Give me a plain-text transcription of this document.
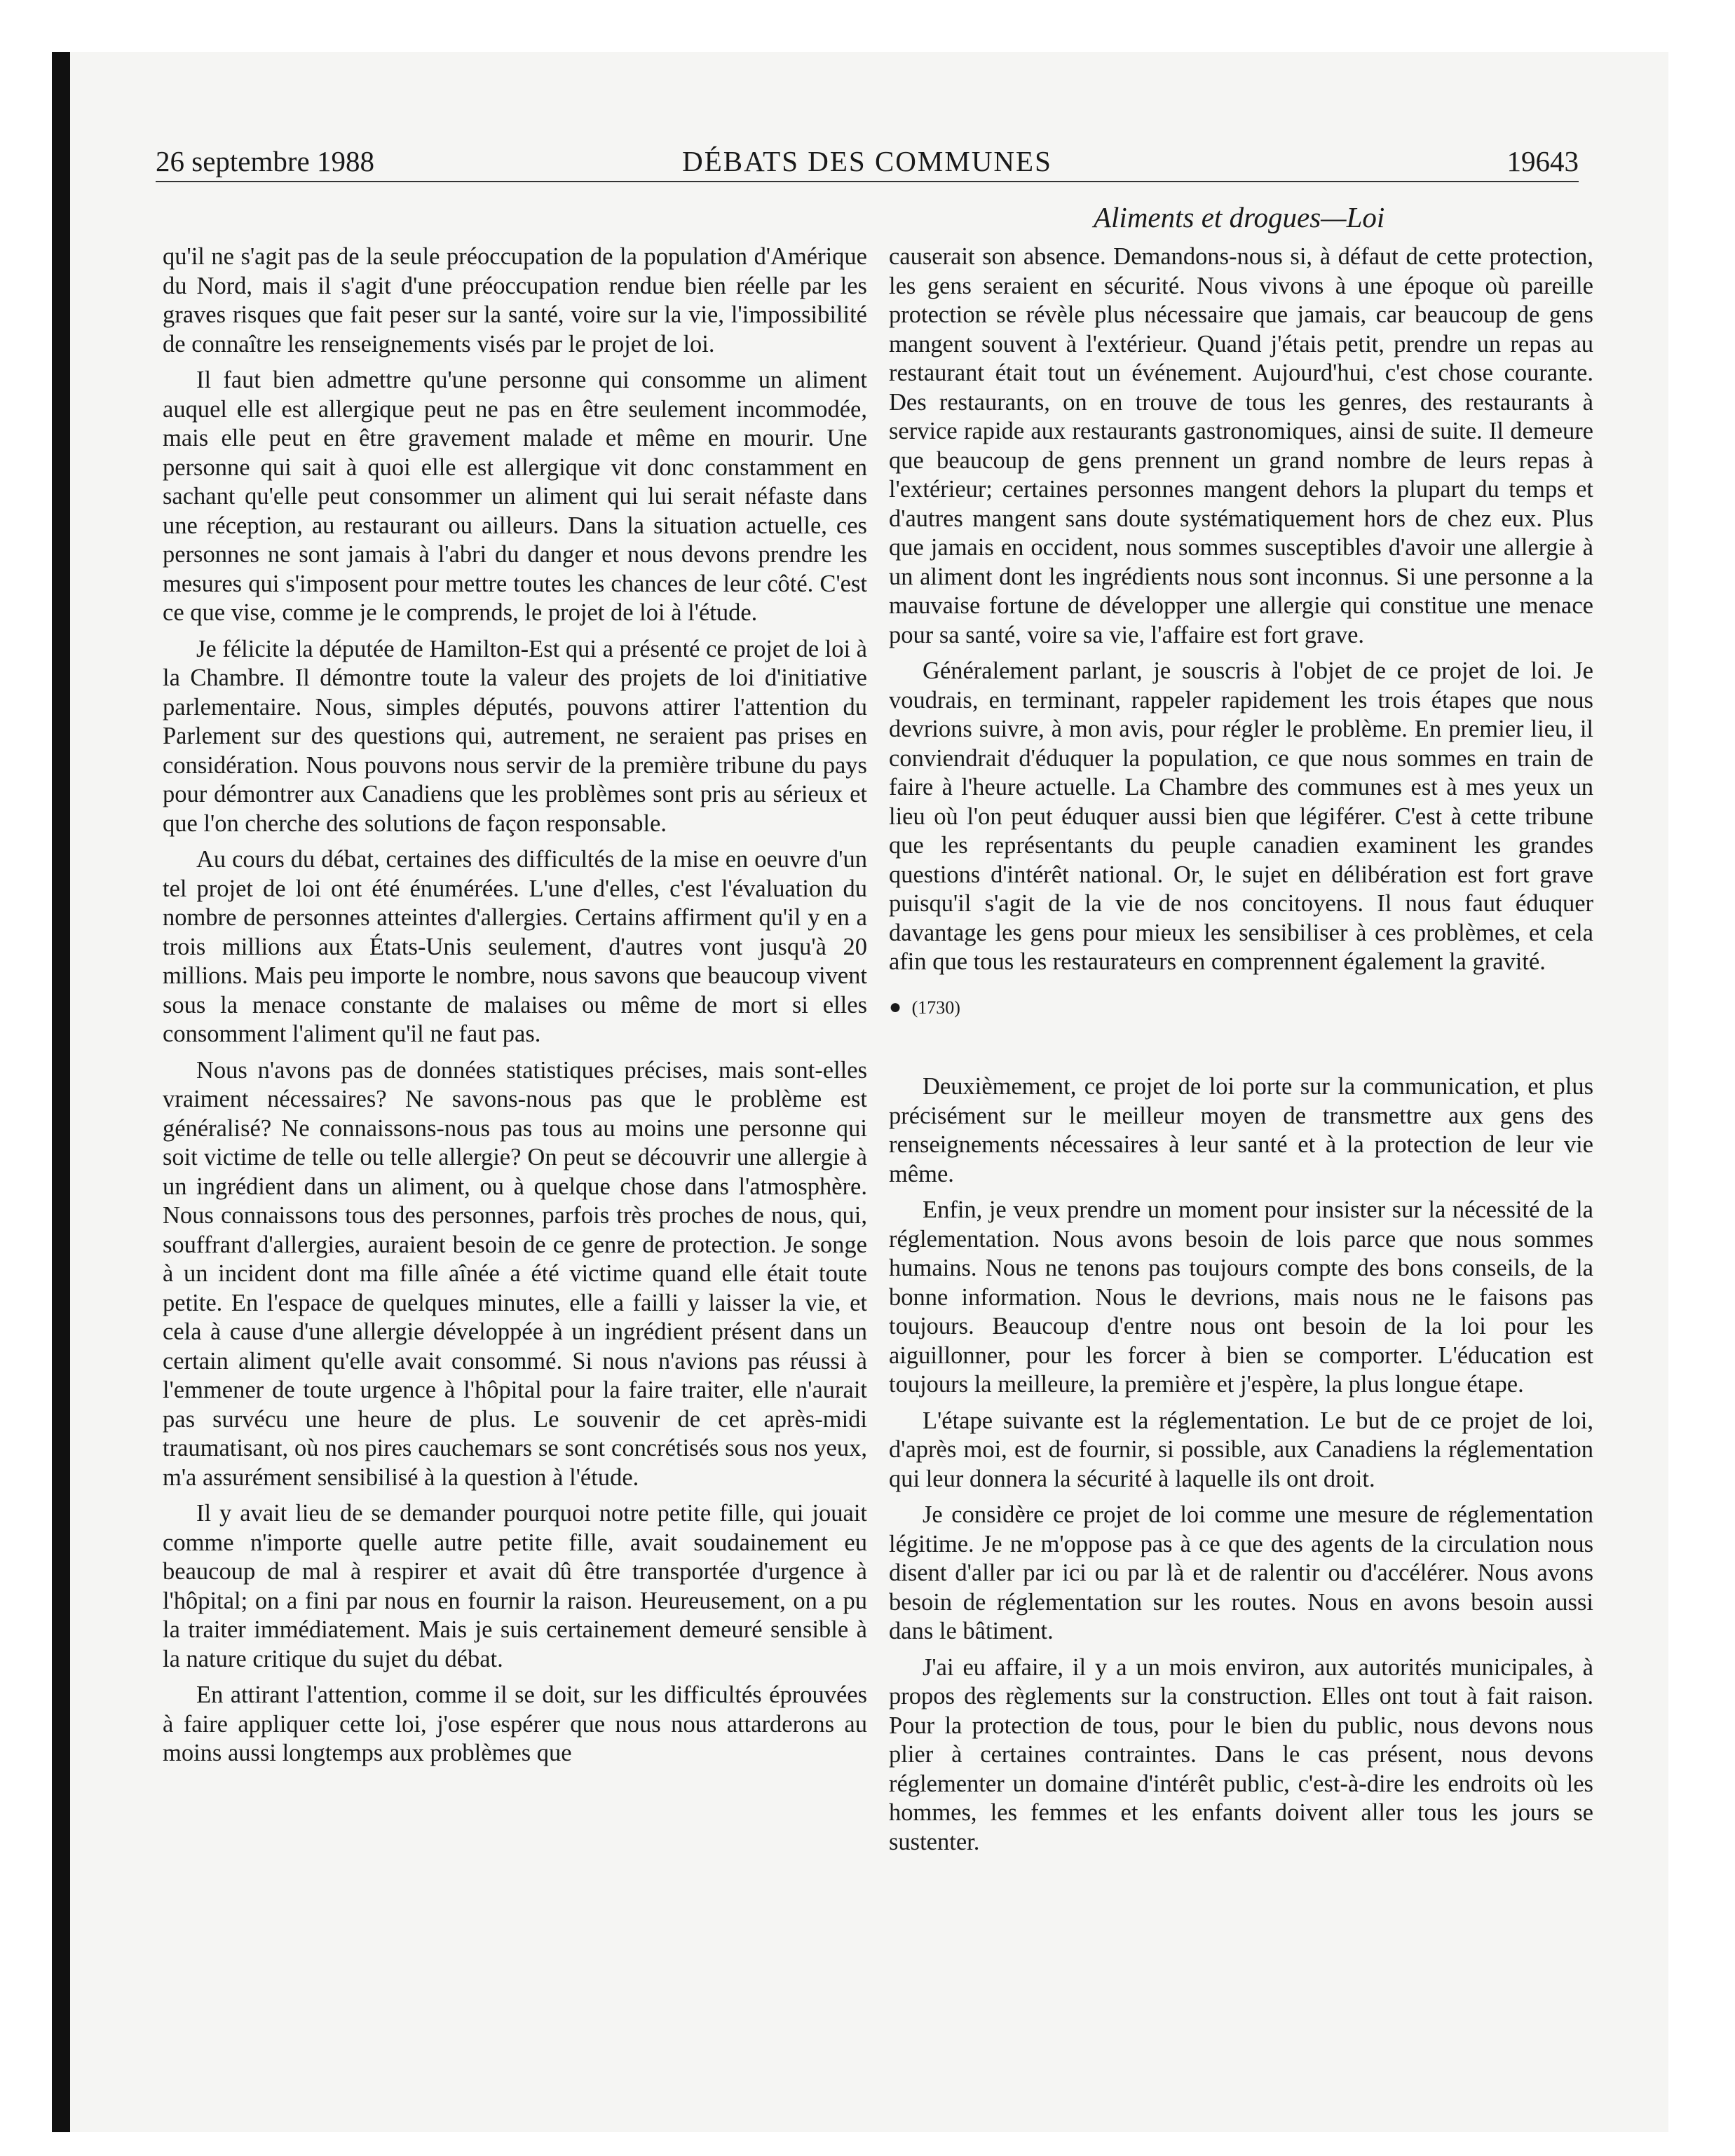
26 septembre 1988	DÉBATS DES COMMUNES	19643
Aliments et drogues—Loi

qu'il ne s'agit pas de la seule préoccupation de la population d'Amérique du Nord, mais il s'agit d'une préoccupation rendue bien réelle par les graves risques que fait peser sur la santé, voire sur la vie, l'impossibilité de connaître les renseignements visés par le projet de loi.

Il faut bien admettre qu'une personne qui consomme un aliment auquel elle est allergique peut ne pas en être seulement incommodée, mais elle peut en être gravement malade et même en mourir. Une personne qui sait à quoi elle est allergique vit donc constamment en sachant qu'elle peut consommer un aliment qui lui serait néfaste dans une réception, au restaurant ou ailleurs. Dans la situation actuelle, ces personnes ne sont jamais à l'abri du danger et nous devons prendre les mesures qui s'imposent pour mettre toutes les chances de leur côté. C'est ce que vise, comme je le comprends, le projet de loi à l'étude.

Je félicite la députée de Hamilton-Est qui a présenté ce projet de loi à la Chambre. Il démontre toute la valeur des projets de loi d'initiative parlementaire. Nous, simples députés, pouvons attirer l'attention du Parlement sur des questions qui, autrement, ne seraient pas prises en considération. Nous pouvons nous servir de la première tribune du pays pour démontrer aux Canadiens que les problèmes sont pris au sérieux et que l'on cherche des solutions de façon responsable.

Au cours du débat, certaines des difficultés de la mise en oeuvre d'un tel projet de loi ont été énumérées. L'une d'elles, c'est l'évaluation du nombre de personnes atteintes d'allergies. Certains affirment qu'il y en a trois millions aux États-Unis seulement, d'autres vont jusqu'à 20 millions. Mais peu importe le nombre, nous savons que beaucoup vivent sous la menace constante de malaises ou même de mort si elles consomment l'aliment qu'il ne faut pas.

Nous n'avons pas de données statistiques précises, mais sont-elles vraiment nécessaires? Ne savons-nous pas que le problème est généralisé? Ne connaissons-nous pas tous au moins une personne qui soit victime de telle ou telle allergie? On peut se découvrir une allergie à un ingrédient dans un aliment, ou à quelque chose dans l'atmosphère. Nous connaissons tous des personnes, parfois très proches de nous, qui, souffrant d'allergies, auraient besoin de ce genre de protection. Je songe à un incident dont ma fille aînée a été victime quand elle était toute petite. En l'espace de quelques minutes, elle a failli y laisser la vie, et cela à cause d'une allergie développée à un ingrédient présent dans un certain aliment qu'elle avait consommé. Si nous n'avions pas réussi à l'emmener de toute urgence à l'hôpital pour la faire traiter, elle n'aurait pas survécu une heure de plus. Le souvenir de cet après-midi traumatisant, où nos pires cauchemars se sont concrétisés sous nos yeux, m'a assurément sensibilisé à la question à l'étude.

Il y avait lieu de se demander pourquoi notre petite fille, qui jouait comme n'importe quelle autre petite fille, avait soudainement eu beaucoup de mal à respirer et avait dû être transportée d'urgence à l'hôpital; on a fini par nous en fournir la raison. Heureusement, on a pu la traiter immédiatement. Mais je suis certainement demeuré sensible à la nature critique du sujet du débat.

En attirant l'attention, comme il se doit, sur les difficultés éprouvées à faire appliquer cette loi, j'ose espérer que nous nous attarderons au moins aussi longtemps aux problèmes que

causerait son absence. Demandons-nous si, à défaut de cette protection, les gens seraient en sécurité. Nous vivons à une époque où pareille protection se révèle plus nécessaire que jamais, car beaucoup de gens mangent souvent à l'extérieur. Quand j'étais petit, prendre un repas au restaurant était tout un événement. Aujourd'hui, c'est chose courante. Des restaurants, on en trouve de tous les genres, des restaurants à service rapide aux restaurants gastronomiques, ainsi de suite. Il demeure que beaucoup de gens prennent un grand nombre de leurs repas à l'extérieur; certaines personnes mangent dehors la plupart du temps et d'autres mangent sans doute systématiquement hors de chez eux. Plus que jamais en occident, nous sommes susceptibles d'avoir une allergie à un aliment dont les ingrédients nous sont inconnus. Si une personne a la mauvaise fortune de développer une allergie qui constitue une menace pour sa santé, voire sa vie, l'affaire est fort grave.

Généralement parlant, je souscris à l'objet de ce projet de loi. Je voudrais, en terminant, rappeler rapidement les trois étapes que nous devrions suivre, à mon avis, pour régler le problème. En premier lieu, il conviendrait d'éduquer la population, ce que nous sommes en train de faire à l'heure actuelle. La Chambre des communes est à mes yeux un lieu où l'on peut éduquer aussi bien que légiférer. C'est à cette tribune que les représentants du peuple canadien examinent les grandes questions d'intérêt national. Or, le sujet en délibération est fort grave puisqu'il s'agit de la vie de nos concitoyens. Il nous faut éduquer davantage les gens pour mieux les sensibiliser à ces problèmes, et cela afin que tous les restaurateurs en comprennent également la gravité.

● (1730)

Deuxièmement, ce projet de loi porte sur la communication, et plus précisément sur le meilleur moyen de transmettre aux gens des renseignements nécessaires à leur santé et à la protection de leur vie même.

Enfin, je veux prendre un moment pour insister sur la nécessité de la réglementation. Nous avons besoin de lois parce que nous sommes humains. Nous ne tenons pas toujours compte des bons conseils, de la bonne information. Nous le devrions, mais nous ne le faisons pas toujours. Beaucoup d'entre nous ont besoin de la loi pour les aiguillonner, pour les forcer à bien se comporter. L'éducation est toujours la meilleure, la première et j'espère, la plus longue étape.

L'étape suivante est la réglementation. Le but de ce projet de loi, d'après moi, est de fournir, si possible, aux Canadiens la réglementation qui leur donnera la sécurité à laquelle ils ont droit.

Je considère ce projet de loi comme une mesure de réglementation légitime. Je ne m'oppose pas à ce que des agents de la circulation nous disent d'aller par ici ou par là et de ralentir ou d'accélérer. Nous avons besoin de réglementation sur les routes. Nous en avons besoin aussi dans le bâtiment.

J'ai eu affaire, il y a un mois environ, aux autorités municipales, à propos des règlements sur la construction. Elles ont tout à fait raison. Pour la protection de tous, pour le bien du public, nous devons nous plier à certaines contraintes. Dans le cas présent, nous devons réglementer un domaine d'intérêt public, c'est-à-dire les endroits où les hommes, les femmes et les enfants doivent aller tous les jours se sustenter.
